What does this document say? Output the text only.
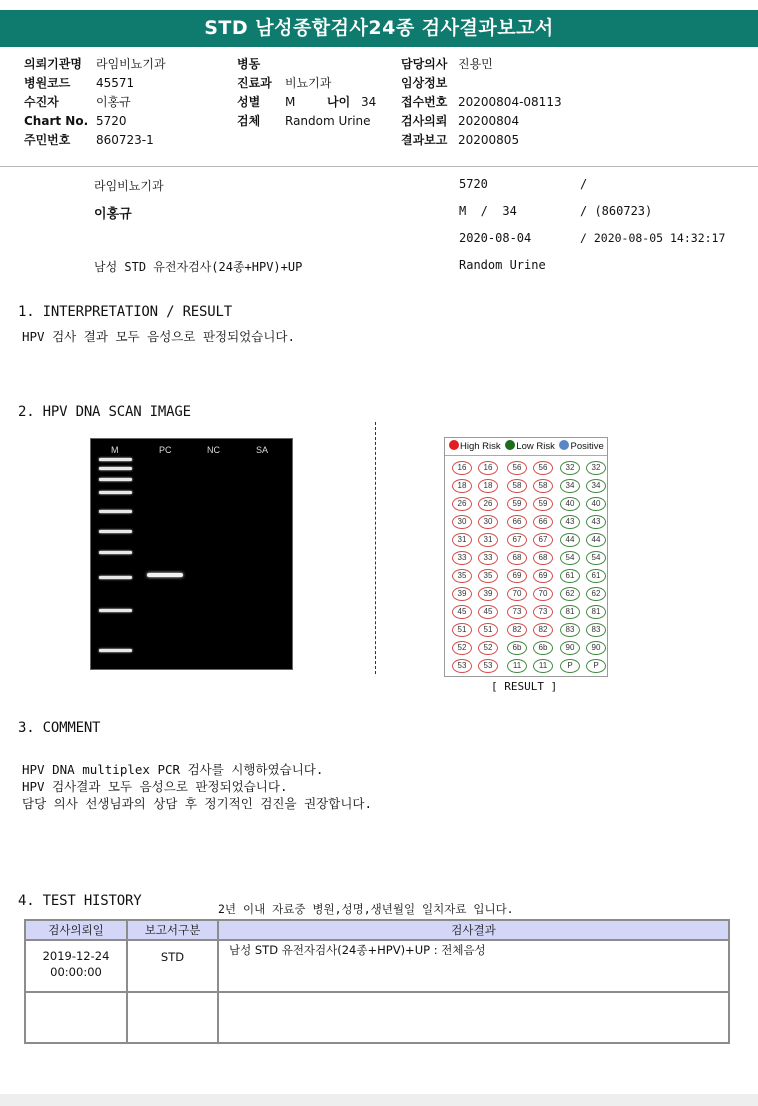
STD 남성종합검사24종 검사결과보고서
의뢰기관명 라임비뇨기과
병원코드 45571
수진자	이홍규
Chart No. 5720
주민번호 860723-1
병동
진료과 비뇨기과
성별 M	나이 34
검체 Random Urine
담당의사 진용민
임상정보
접수번호 20200804-08113
검사의뢰 20200804
결과보고 20200805
라임비뇨기과	5720	/
이홍규	M  /  34	/ (860723)
2020-08-04	/ 2020-08-05 14:32:17
남성 STD 유전자검사(24종+HPV)+UP	Random Urine
1. INTERPRETATION / RESULT
HPV 검사 결과 모두 음성으로 판정되었습니다.
2. HPV DNA SCAN IMAGE
M	PC	NC	SA	High Risk Low Risk Positive
16	16	56	56	32	32
18	18	58	58	34	34
26	26	59	59	40	40
30	30	66	66	43	43
31	31	67	67	44	44
33	33	68	68	54	54
35	35	69	69	61	61
39	39	70	70	62	62
45	45	73	73	81	81
51	51	82	82	83	83
52	52	6b	6b	90	90
53	53	11	11	P	P
[ RESULT ]
3. COMMENT
HPV DNA multiplex PCR 검사를 시행하였습니다.
HPV 검사결과 모두 음성으로 판정되었습니다.
담당 의사 선생님과의 상담 후 정기적인 검진을 권장합니다.
4. TEST HISTORY	2년 이내 자료중 병원,성명,생년월일 일치자료 입니다.
검사의뢰일	보고서구분	검사결과

2019-12-24
00:00:00	STD	남성 STD 유전자검사(24종+HPV)+UP : 전체음성
